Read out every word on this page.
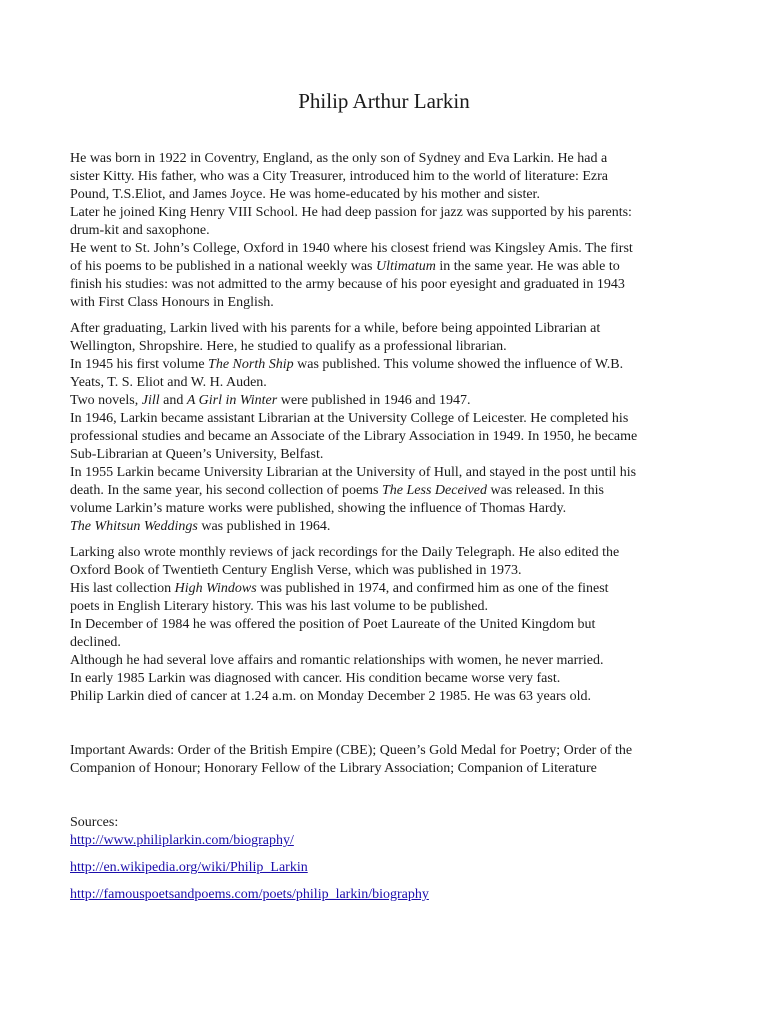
Philip Arthur Larkin
He was born in 1922 in Coventry, England, as the only son of Sydney and Eva Larkin. He had a
sister Kitty. His father, who was a City Treasurer, introduced him to the world of literature: Ezra
Pound, T.S.Eliot, and James Joyce. He was home-educated by his mother and sister.
Later he joined King Henry VIII School. He had deep passion for jazz was supported by his parents:
drum-kit and saxophone.
He went to St. John’s College, Oxford in 1940 where his closest friend was Kingsley Amis. The first
of his poems to be published in a national weekly was Ultimatum in the same year. He was able to
finish his studies: was not admitted to the army because of his poor eyesight and graduated in 1943
with First Class Honours in English.
After graduating, Larkin lived with his parents for a while, before being appointed Librarian at
Wellington, Shropshire. Here, he studied to qualify as a professional librarian.
In 1945 his first volume The North Ship was published. This volume showed the influence of W.B.
Yeats, T. S. Eliot and W. H. Auden.
Two novels, Jill and A Girl in Winter were published in 1946 and 1947.
In 1946, Larkin became assistant Librarian at the University College of Leicester. He completed his
professional studies and became an Associate of the Library Association in 1949. In 1950, he became
Sub-Librarian at Queen’s University, Belfast.
In 1955 Larkin became University Librarian at the University of Hull, and stayed in the post until his
death. In the same year, his second collection of poems The Less Deceived was released. In this
volume Larkin’s mature works were published, showing the influence of Thomas Hardy.
The Whitsun Weddings was published in 1964.
Larking also wrote monthly reviews of jack recordings for the Daily Telegraph. He also edited the
Oxford Book of Twentieth Century English Verse, which was published in 1973.
His last collection High Windows was published in 1974, and confirmed him as one of the finest
poets in English Literary history. This was his last volume to be published.
In December of 1984 he was offered the position of Poet Laureate of the United Kingdom but
declined.
Although he had several love affairs and romantic relationships with women, he never married.
In early 1985 Larkin was diagnosed with cancer. His condition became worse very fast.
Philip Larkin died of cancer at 1.24 a.m. on Monday December 2 1985. He was 63 years old.
Important Awards: Order of the British Empire (CBE); Queen’s Gold Medal for Poetry; Order of the
Companion of Honour; Honorary Fellow of the Library Association; Companion of Literature
Sources:
http://www.philiplarkin.com/biography/
http://en.wikipedia.org/wiki/Philip_Larkin
http://famouspoetsandpoems.com/poets/philip_larkin/biography
